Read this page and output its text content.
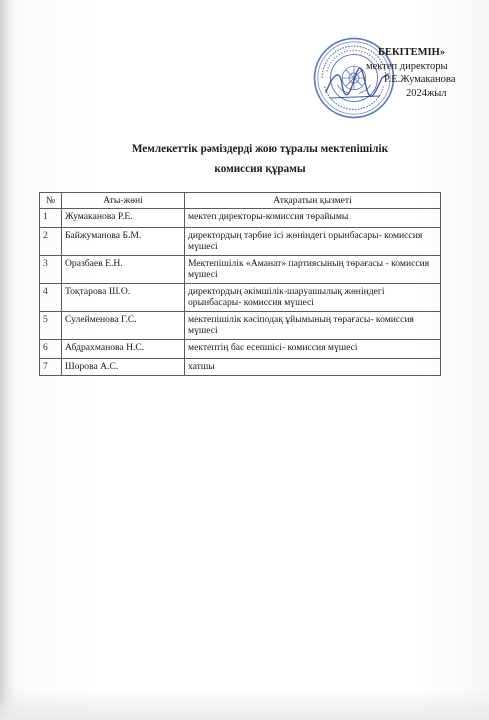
БЕКІТЕМІН»
мектеп директоры
Р.Е.Жумаканова
2024жыл
Мемлекеттік рәміздерді жою тұралы мектепішілік
комиссия құрамы
№	Аты-жөні	Атқаратын қызметі
1	Жумаканова Р.Е.	мектеп директоры-комиссия төрайымы
2	Байжуманова Б.М.	директордың тәрбие ісі жөніндегі орынбасары- комиссия мүшесі
3	Оразбаев Е.Н.	Мектепішілік «Аманат» партиясының төрағасы - комиссия мүшесі
4	Тоқтарова Ш.О.	директордың әкімшілік-шаруашылық жөніндегі орынбасары- комиссия мүшесі
5	Сулейменова Г.С.	мектепішілік кәсіподақ ұйымының төрағасы- комиссия мүшесі
6	Абдрахманова Н.С.	мектептің бас есепшісі- комиссия мүшесі
7	Шорова А.С.	хатшы
